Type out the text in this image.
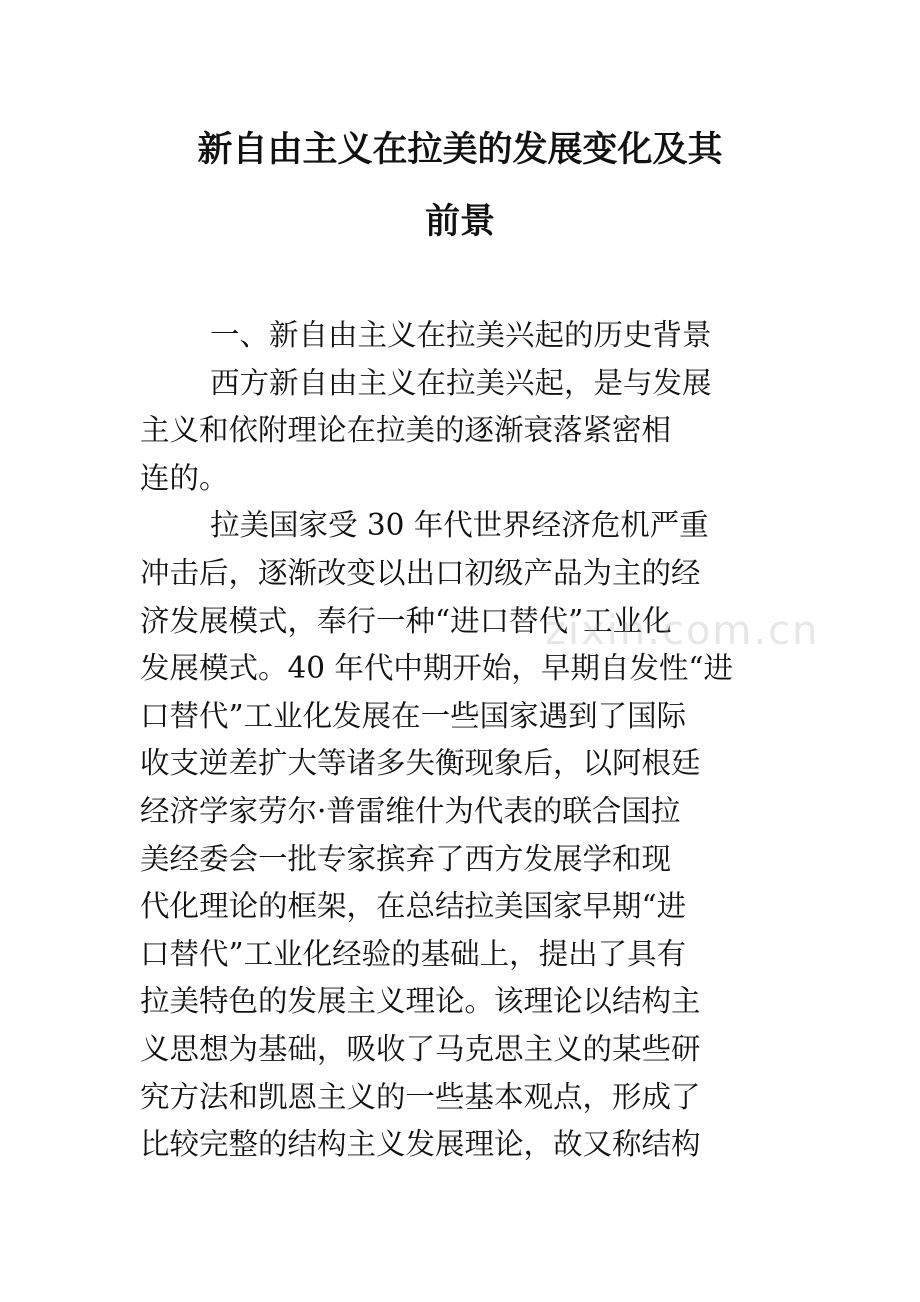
新自由主义在拉美的发展变化及其
前景
一、新自由主义在拉美兴起的历史背景
西方新自由主义在拉美兴起，是与发展
主义和依附理论在拉美的逐渐衰落紧密相
连的。
拉美国家受 30 年代世界经济危机严重
冲击后，逐渐改变以出口初级产品为主的经
济发展模式，奉行一种“进口替代”工业化
发展模式。40 年代中期开始，早期自发性“进
口替代”工业化发展在一些国家遇到了国际
收支逆差扩大等诸多失衡现象后，以阿根廷
经济学家劳尔·普雷维什为代表的联合国拉
美经委会一批专家摈弃了西方发展学和现
代化理论的框架，在总结拉美国家早期“进
口替代”工业化经验的基础上，提出了具有
拉美特色的发展主义理论。该理论以结构主
义思想为基础，吸收了马克思主义的某些研
究方法和凯恩主义的一些基本观点，形成了
比较完整的结构主义发展理论，故又称结构
zixin.com.cn
